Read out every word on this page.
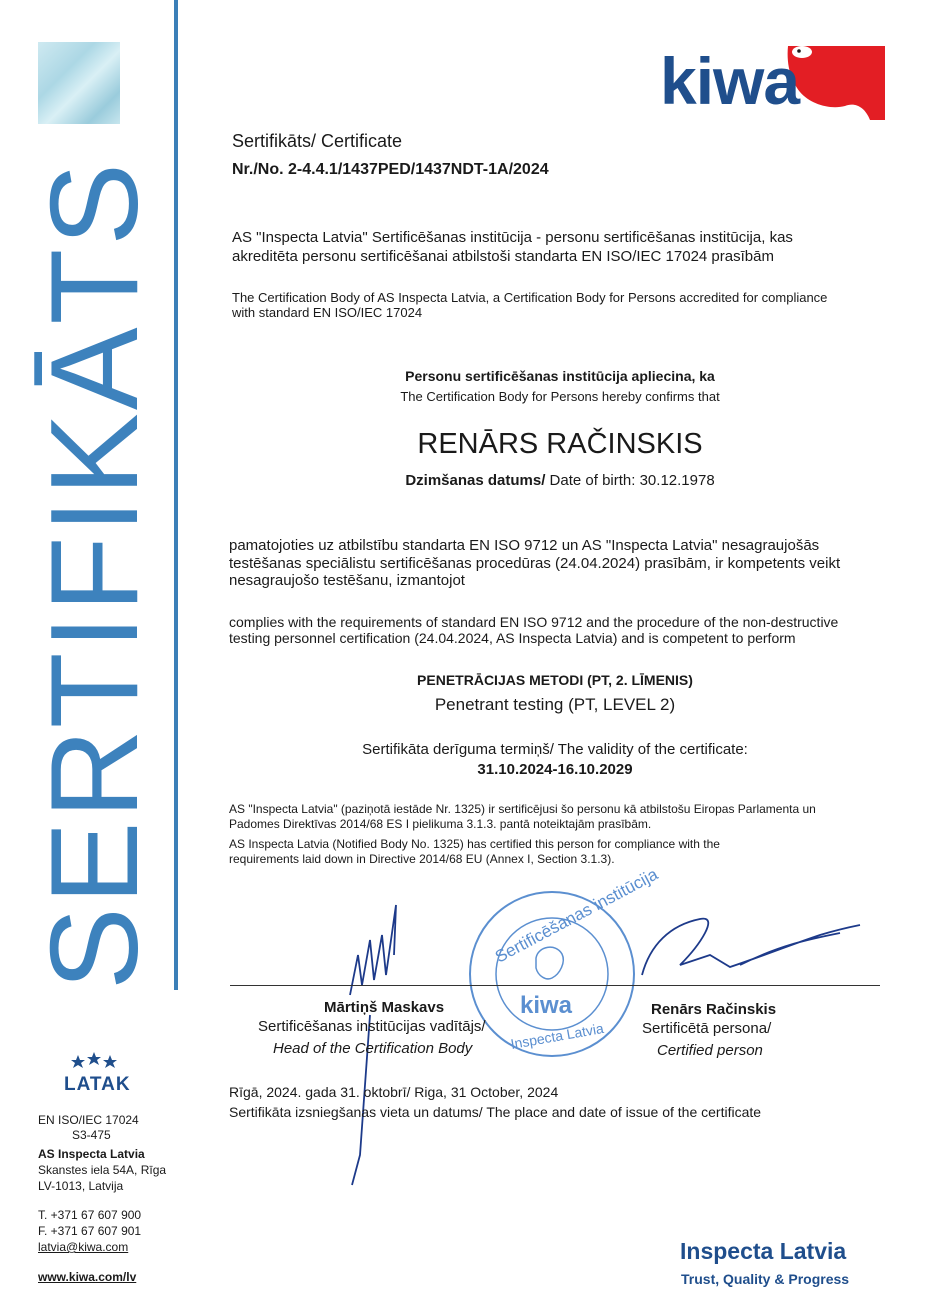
SERTIFIKĀTS
LATAK
EN ISO/IEC 17024
S3-475
AS Inspecta Latvia
Skanstes iela 54A, Rīga
LV-1013, Latvija
T. +371 67 607 900
F. +371 67 607 901
latvia@kiwa.com
www.kiwa.com/lv
kiwa
Sertifikāts/ Certificate
Nr./No. 2-4.4.1/1437PED/1437NDT-1A/2024
AS "Inspecta Latvia" Sertificēšanas institūcija - personu sertificēšanas institūcija, kas
akreditēta personu sertificēšanai atbilstoši standarta EN ISO/IEC 17024 prasībām
The Certification Body of AS Inspecta Latvia, a Certification Body for Persons accredited for compliance
with standard EN ISO/IEC 17024
Personu sertificēšanas institūcija apliecina, ka
The Certification Body for Persons hereby confirms that
RENĀRS RAČINSKIS
Dzimšanas datums/ Date of birth: 30.12.1978
pamatojoties uz atbilstību standarta EN ISO 9712 un AS "Inspecta Latvia" nesagraujošās
testēšanas speciālistu sertificēšanas procedūras (24.04.2024) prasībām, ir kompetents veikt
nesagraujošo testēšanu, izmantojot
complies with the requirements of standard EN ISO 9712 and the procedure of the non-destructive
testing personnel certification (24.04.2024, AS Inspecta Latvia) and is competent to perform
PENETRĀCIJAS METODI (PT, 2. LĪMENIS)
Penetrant testing (PT, LEVEL 2)
Sertifikāta derīguma termiņš/ The validity of the certificate:
31.10.2024-16.10.2029
AS "Inspecta Latvia" (paziņotā iestāde Nr. 1325) ir sertificējusi šo personu kā atbilstošu Eiropas Parlamenta un
Padomes Direktīvas 2014/68 ES I pielikuma 3.1.3. pantā noteiktajām prasībām.
AS Inspecta Latvia (Notified Body No. 1325) has certified this person for compliance with the
requirements laid down in Directive 2014/68 EU (Annex I, Section 3.1.3).
Sertificēšanas institūcija
kiwa
Inspecta Latvia
Mārtiņš Maskavs
Sertificēšanas institūcijas vadītājs/
Head of the Certification Body
Renārs Račinskis
Sertificētā persona/
Certified person
Rīgā, 2024. gada 31. oktobrī/ Riga, 31 October, 2024
Sertifikāta izsniegšanas vieta un datums/ The place and date of issue of the certificate
Inspecta Latvia
Trust, Quality & Progress
